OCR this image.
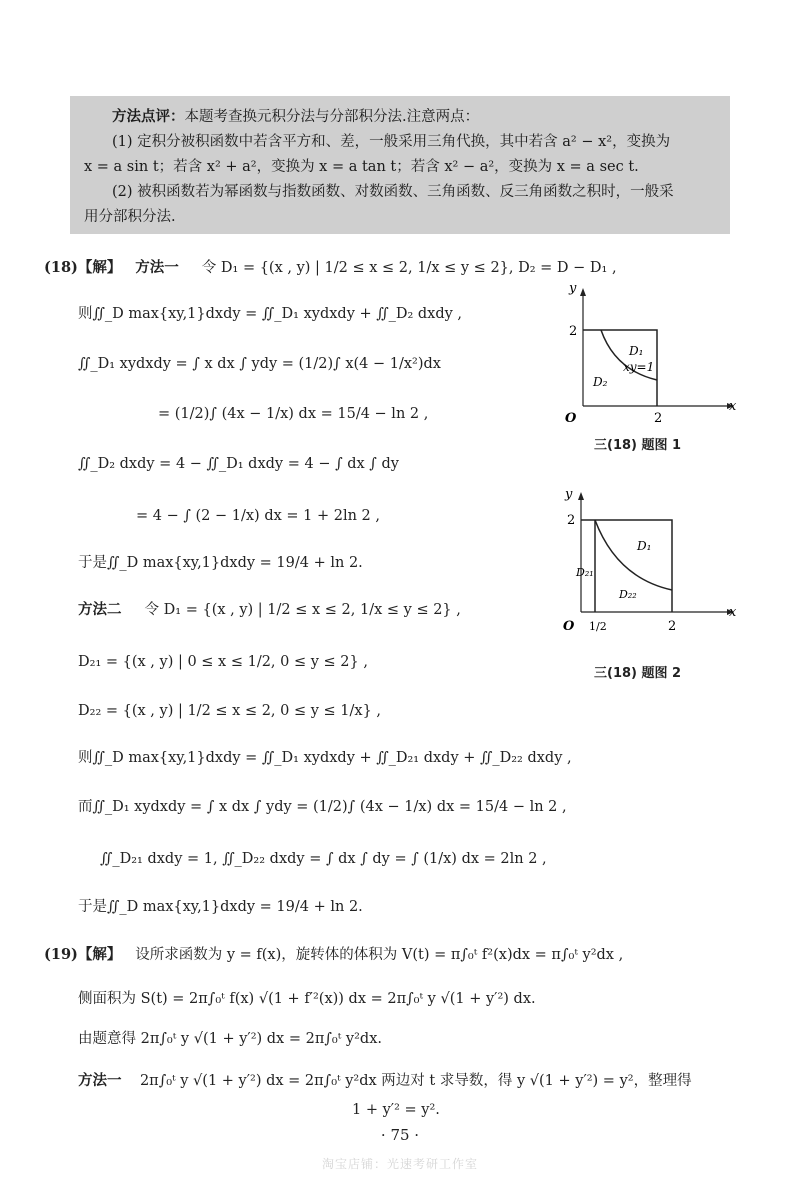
方法点评：本题考查换元积分法与分部积分法.注意两点：
(1) 定积分被积函数中若含平方和、差，一般采用三角代换，其中若含 a² − x²，变换为
x = a sin t；若含 x² + a²，变换为 x = a tan t；若含 x² − a²，变换为 x = a sec t.
(2) 被积函数若为幂函数与指数函数、对数函数、三角函数、反三角函数之积时，一般采
用分部积分法.
(18)【解】 方法一 令 D₁ = {(x , y) | 1/2 ≤ x ≤ 2, 1/x ≤ y ≤ 2}, D₂ = D − D₁ ,
则∬_D max{xy,1}dxdy = ∬_D₁ xydxdy + ∬_D₂ dxdy ,
∬_D₁ xydxdy = ∫ x dx ∫ ydy = (1/2)∫ x(4 − 1/x²)dx
= (1/2)∫ (4x − 1/x) dx = 15/4 − ln 2 ,
∬_D₂ dxdy = 4 − ∬_D₁ dxdy = 4 − ∫ dx ∫ dy
= 4 − ∫ (2 − 1/x) dx = 1 + 2ln 2 ,
于是∬_D max{xy,1}dxdy = 19/4 + ln 2.
方法二 令 D₁ = {(x , y) | 1/2 ≤ x ≤ 2, 1/x ≤ y ≤ 2} ,
D₂₁ = {(x , y) | 0 ≤ x ≤ 1/2, 0 ≤ y ≤ 2} ,
D₂₂ = {(x , y) | 1/2 ≤ x ≤ 2, 0 ≤ y ≤ 1/x} ,
则∬_D max{xy,1}dxdy = ∬_D₁ xydxdy + ∬_D₂₁ dxdy + ∬_D₂₂ dxdy ,
而∬_D₁ xydxdy = ∫ x dx ∫ ydy = (1/2)∫ (4x − 1/x) dx = 15/4 − ln 2 ,
∬_D₂₁ dxdy = 1, ∬_D₂₂ dxdy = ∫ dx ∫ dy = ∫ (1/x) dx = 2ln 2 ,
于是∬_D max{xy,1}dxdy = 19/4 + ln 2.
y
x
O
2
2
D₁
xy=1
D₂
三(18) 题图 1
y
x
O
2
2
1/2
D₁
D₂₁
D₂₂
三(18) 题图 2
(19)【解】 设所求函数为 y = f(x)，旋转体的体积为 V(t) = π∫₀ᵗ f²(x)dx = π∫₀ᵗ y²dx ,
侧面积为 S(t) = 2π∫₀ᵗ f(x) √(1 + f′²(x)) dx = 2π∫₀ᵗ y √(1 + y′²) dx.
由题意得 2π∫₀ᵗ y √(1 + y′²) dx = 2π∫₀ᵗ y²dx.
方法一 2π∫₀ᵗ y √(1 + y′²) dx = 2π∫₀ᵗ y²dx 两边对 t 求导数，得 y √(1 + y′²) = y²，整理得
1 + y′² = y².
· 75 ·
淘宝店铺：光速考研工作室
